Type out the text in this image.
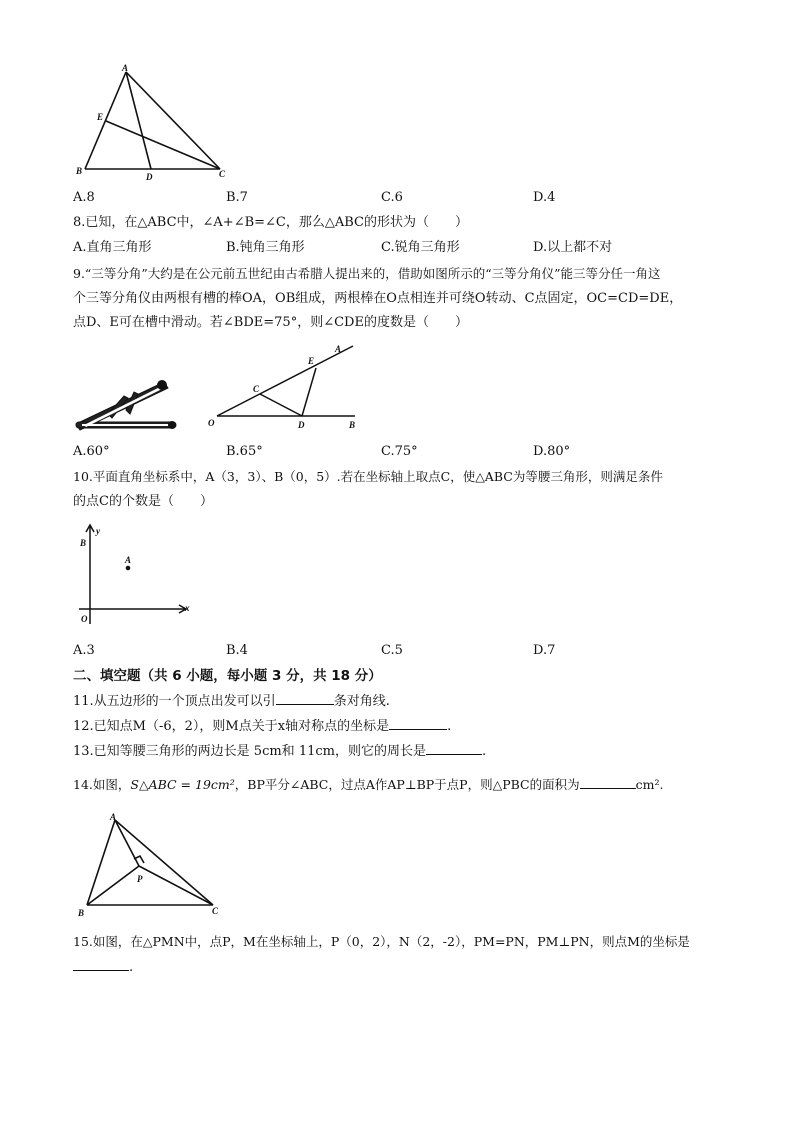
A
E
B
D	C
A.8	B.7	C.6	D.4
8.已知，在△ABC中，∠A+∠B=∠C，那么△ABC的形状为（　　）
A.直角三角形	B.钝角三角形	C.锐角三角形	D.以上都不对
9.“三等分角”大约是在公元前五世纪由古希腊人提出来的，借助如图所示的“三等分角仪”能三等分任一角这
个三等分角仪由两根有槽的棒OA，OB组成，两根棒在O点相连并可绕O转动、C点固定，OC=CD=DE，
点D、E可在槽中滑动。若∠BDE=75°，则∠CDE的度数是（　　）
A
E
C
O	D	B
A.60°	B.65°	C.75°	D.80°
10.平面直角坐标系中，A（3，3）、B（0，5）.若在坐标轴上取点C，使△ABC为等腰三角形，则满足条件
的点C的个数是（　　）
y
B
A
O
x
A.3	B.4	C.5	D.7
二、填空题（共 6 小题，每小题 3 分，共 18 分）
11.从五边形的一个顶点出发可以引	条对角线.
12.已知点M（-6，2），则M点关于x轴对称点的坐标是	.
13.已知等腰三角形的两边长是 5cm和 11cm，则它的周长是	.
14.如图，S△ABC = 19cm²，BP平分∠ABC，过点A作AP⊥BP于点P，则△PBC的面积为	cm².
A
P
B	C
15.如图，在△PMN中，点P，M在坐标轴上，P（0，2），N（2，-2），PM=PN，PM⊥PN，则点M的坐标是
.
